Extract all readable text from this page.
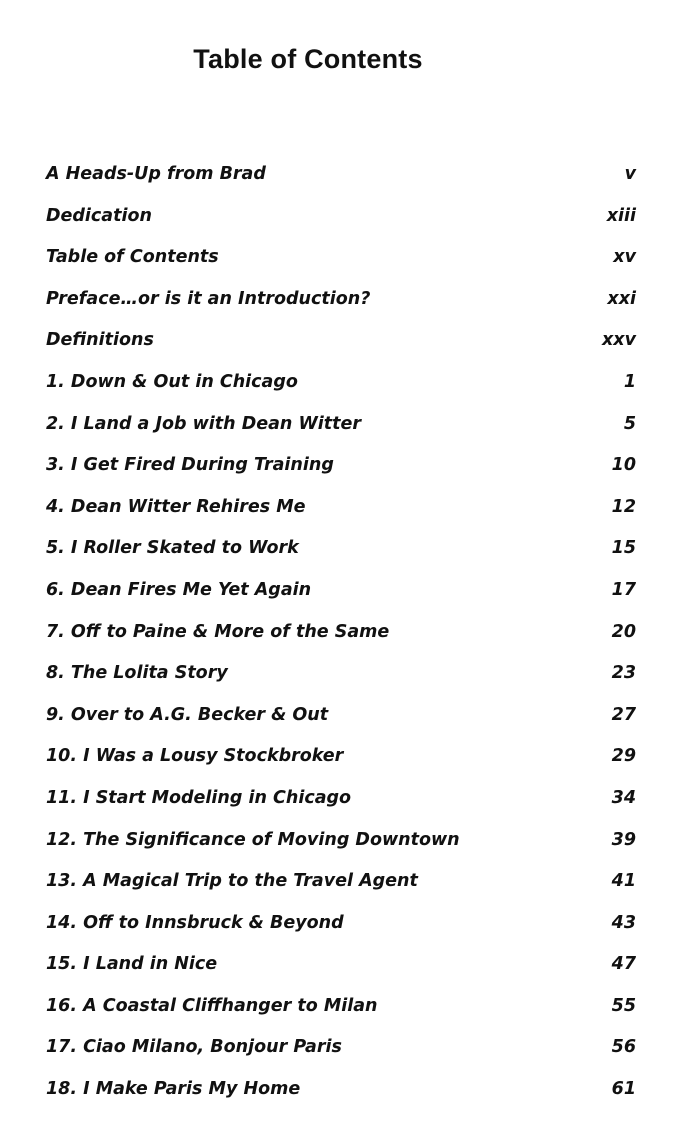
Table of Contents
A Heads-Up from Brad	v
Dedication	xiii
Table of Contents	xv
Preface…or is it an Introduction?	xxi
Definitions	xxv
1. Down & Out in Chicago	1
2. I Land a Job with Dean Witter	5
3. I Get Fired During Training	10
4. Dean Witter Rehires Me	12
5. I Roller Skated to Work	15
6. Dean Fires Me Yet Again	17
7. Off to Paine & More of the Same	20
8. The Lolita Story	23
9. Over to A.G. Becker & Out	27
10. I Was a Lousy Stockbroker	29
11. I Start Modeling in Chicago	34
12. The Significance of Moving Downtown	39
13. A Magical Trip to the Travel Agent	41
14. Off to Innsbruck & Beyond	43
15. I Land in Nice	47
16. A Coastal Cliffhanger to Milan	55
17. Ciao Milano, Bonjour Paris	56
18. I Make Paris My Home	61
